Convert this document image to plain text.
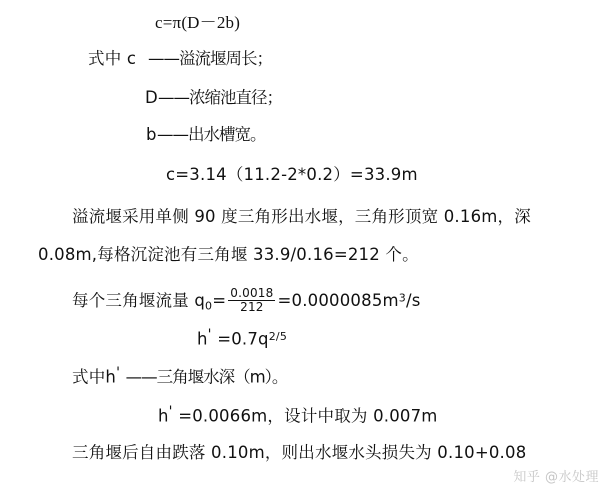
c=π(D－2b)
式中 c ——溢流堰周长；
D ——浓缩池直径；
b ——出水槽宽。
c=3.14（11.2-2*0.2）=33.9m
溢流堰采用单侧 90 度三角形出水堰，三角形顶宽 0.16m，深
0.08m,每格沉淀池有三角堰 33.9/0.16=212 个。
每个三角堰流量 $q_0= \frac{0.0018}{212} =0.0000085m^3/s$
$h' =0.7q^{2/5}$
式中h' ——三角堰水深（m）。
h' =0.0066m，设计中取为 0.007m
三角堰后自由跌落 0.10m，则出水堰水头损失为 0.10+0.08
知乎 @水处理
